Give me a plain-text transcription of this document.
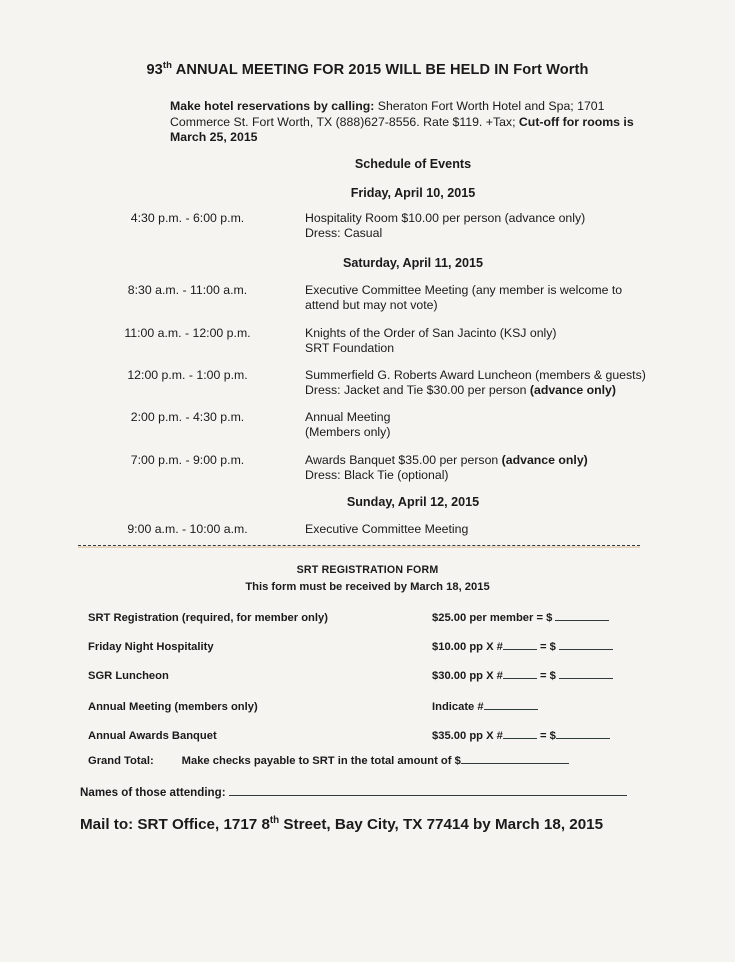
93th ANNUAL MEETING FOR 2015 WILL BE HELD IN Fort Worth
Make hotel reservations by calling: Sheraton Fort Worth Hotel and Spa; 1701 Commerce St. Fort Worth, TX (888)627-8556. Rate $119. +Tax; Cut-off for rooms is March 25, 2015
Schedule of Events
Friday, April 10, 2015
4:30 p.m. - 6:00 p.m.	Hospitality Room $10.00 per person (advance only)
Dress: Casual
Saturday, April 11, 2015
8:30 a.m. - 11:00 a.m.	Executive Committee Meeting (any member is welcome to
attend but may not vote)
11:00 a.m. - 12:00 p.m.	Knights of the Order of San Jacinto (KSJ only)
SRT Foundation
12:00 p.m. - 1:00 p.m.	Summerfield G. Roberts Award Luncheon (members & guests)
Dress: Jacket and Tie $30.00 per person (advance only)
2:00 p.m. - 4:30 p.m.	Annual Meeting
(Members only)
7:00 p.m. - 9:00 p.m.	Awards Banquet $35.00 per person (advance only)
Dress: Black Tie (optional)
Sunday, April 12, 2015
9:00 a.m. - 10:00 a.m.	Executive Committee Meeting
SRT REGISTRATION FORM
This form must be received by March 18, 2015
SRT Registration (required, for member only)	$25.00 per member = $
Friday Night Hospitality	$10.00 pp X #	= $
SGR Luncheon	$30.00 pp X #	= $
Annual Meeting (members only)	Indicate #
Annual Awards Banquet	$35.00 pp X #	= $
Grand Total:	Make checks payable to SRT in the total amount of $
Names of those attending:
Mail to: SRT Office, 1717 8th Street, Bay City, TX 77414 by March 18, 2015
